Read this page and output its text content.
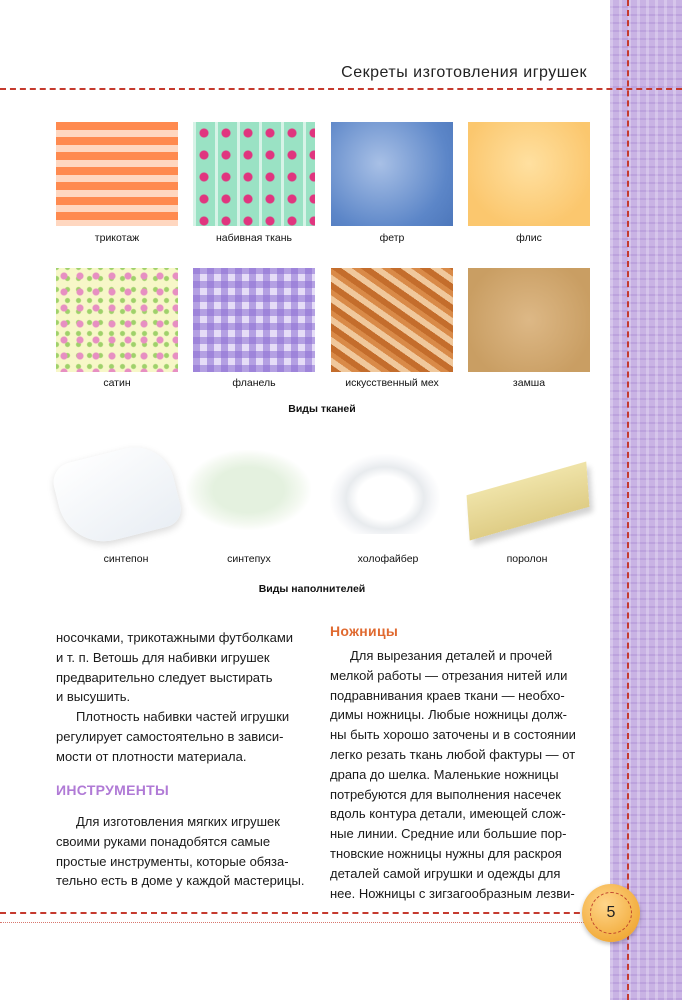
Секреты изготовления игрушек
трикотаж	набивная ткань	фетр	флис
сатин	фланель	искусственный мех	замша
Виды тканей
синтепон	синтепух	холофайбер	поролон
Виды наполнителей

носочками, трикотажными футболками
и т. п. Ветошь для набивки игрушек
предварительно следует выстирать
и высушить.

Плотность набивки частей игрушки
регулирует самостоятельно в зависи-
мости от плотности материала.

ИНСТРУМЕНТЫ

Для изготовления мягких игрушек
своими руками понадобятся самые
простые инструменты, которые обяза-
тельно есть в доме у каждой мастерицы.

Ножницы

Для вырезания деталей и прочей
мелкой работы — отрезания нитей или
подравнивания краев ткани — необхо-
димы ножницы. Любые ножницы долж-
ны быть хорошо заточены и в состоянии
легко резать ткань любой фактуры — от
драпа до шелка. Маленькие ножницы
потребуются для выполнения насечек
вдоль контура детали, имеющей слож-
ные линии. Средние или большие пор-
тновские ножницы нужны для раскроя
деталей самой игрушки и одежды для
нее. Ножницы с зигзагообразным лезви-

5
